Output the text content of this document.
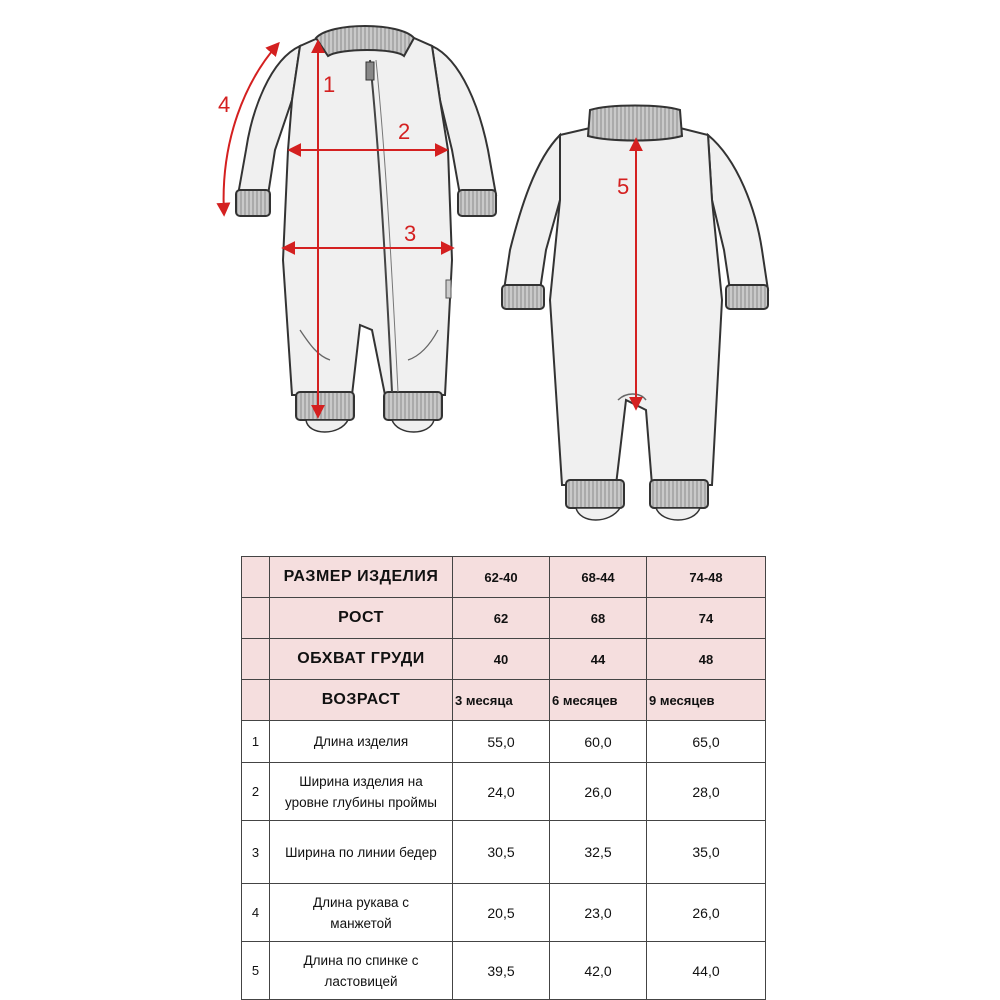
1
2
3
4
5
	РАЗМЕР ИЗДЕЛИЯ	62-40	68-44	74-48
	РОСТ	62	68	74
	ОБХВАТ ГРУДИ	40	44	48
	ВОЗРАСТ	3 месяца	6 месяцев	9 месяцев
1	Длина изделия	55,0	60,0	65,0
2	Ширина изделия на
уровне глубины проймы	24,0	26,0	28,0
3	Ширина по линии бедер	30,5	32,5	35,0
4	Длина рукава с
манжетой	20,5	23,0	26,0
5	Длина по спинке с
ластовицей	39,5	42,0	44,0
